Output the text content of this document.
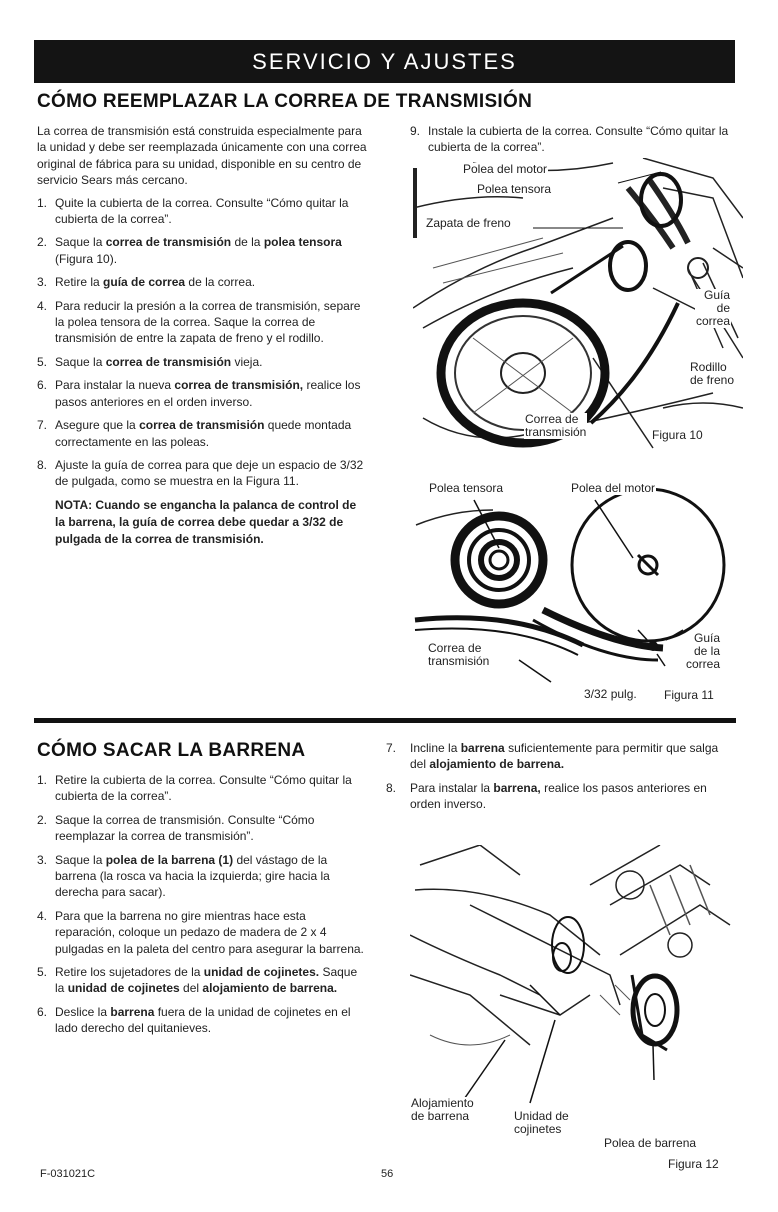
SERVICIO Y AJUSTES
CÓMO REEMPLAZAR LA CORREA DE TRANSMISIÓN

La correa de transmisión está construida especialmente para la unidad y debe ser reemplazada únicamente con una correa original de fábrica para su unidad, disponible en su centro de servicio Sears más cercano.

1. Quite la cubierta de la correa. Consulte “Cómo quitar la cubierta de la correa”.
2. Saque la correa de transmisión de la polea tensora (Figura 10).
3. Retire la guía de correa de la correa.
4. Para reducir la presión a la correa de transmisión, separe la polea tensora de la correa. Saque la correa de transmisión de entre la zapata de freno y el rodillo.
5. Saque la correa de transmisión vieja.
6. Para instalar la nueva correa de transmisión, realice los pasos anteriores en el orden inverso.
7. Asegure que la correa de transmisión quede montada correctamente en las poleas.
8. Ajuste la guía de correa para que deje un espacio de 3/32 de pulgada, como se muestra en la Figura 11.
NOTA: Cuando se engancha la palanca de control de la barrena, la guía de correa debe quedar a 3/32 de pulgada de la correa de transmisión.
9. Instale la cubierta de la correa. Consulte “Cómo quitar la cubierta de la correa”.
Polea del motor
Polea tensora
Zapata de freno
Guía
de
correa
Rodillo
de freno
Correa de
transmisión	Figura 10
Polea tensora	Polea del motor
Correa de
transmisión
Guía
de la
correa
3/32 pulg. Figura 11
CÓMO SACAR LA BARRENA
1. Retire la cubierta de la correa. Consulte “Cómo quitar la cubierta de la correa”.
2. Saque la correa de transmisión. Consulte “Cómo reemplazar la correa de transmisión”.
3. Saque la polea de la barrena (1) del vástago de la barrena (la rosca va hacia la izquierda; gire hacia la derecha para sacar).
4. Para que la barrena no gire mientras hace esta reparación, coloque un pedazo de madera de 2 x 4 pulgadas en la paleta del centro para asegurar la barrena.
5. Retire los sujetadores de la unidad de cojinetes. Saque la unidad de cojinetes del alojamiento de barrena.
6. Deslice la barrena fuera de la unidad de cojinetes en el lado derecho del quitanieves.
7.	Incline la barrena suficientemente para permitir que salga del alojamiento de barrena.
8.	Para instalar la barrena, realice los pasos anteriores en orden inverso.
Alojamiento
de barrena	Unidad de
cojinetes
Polea de barrena
Figura 12
F-031021C	56
